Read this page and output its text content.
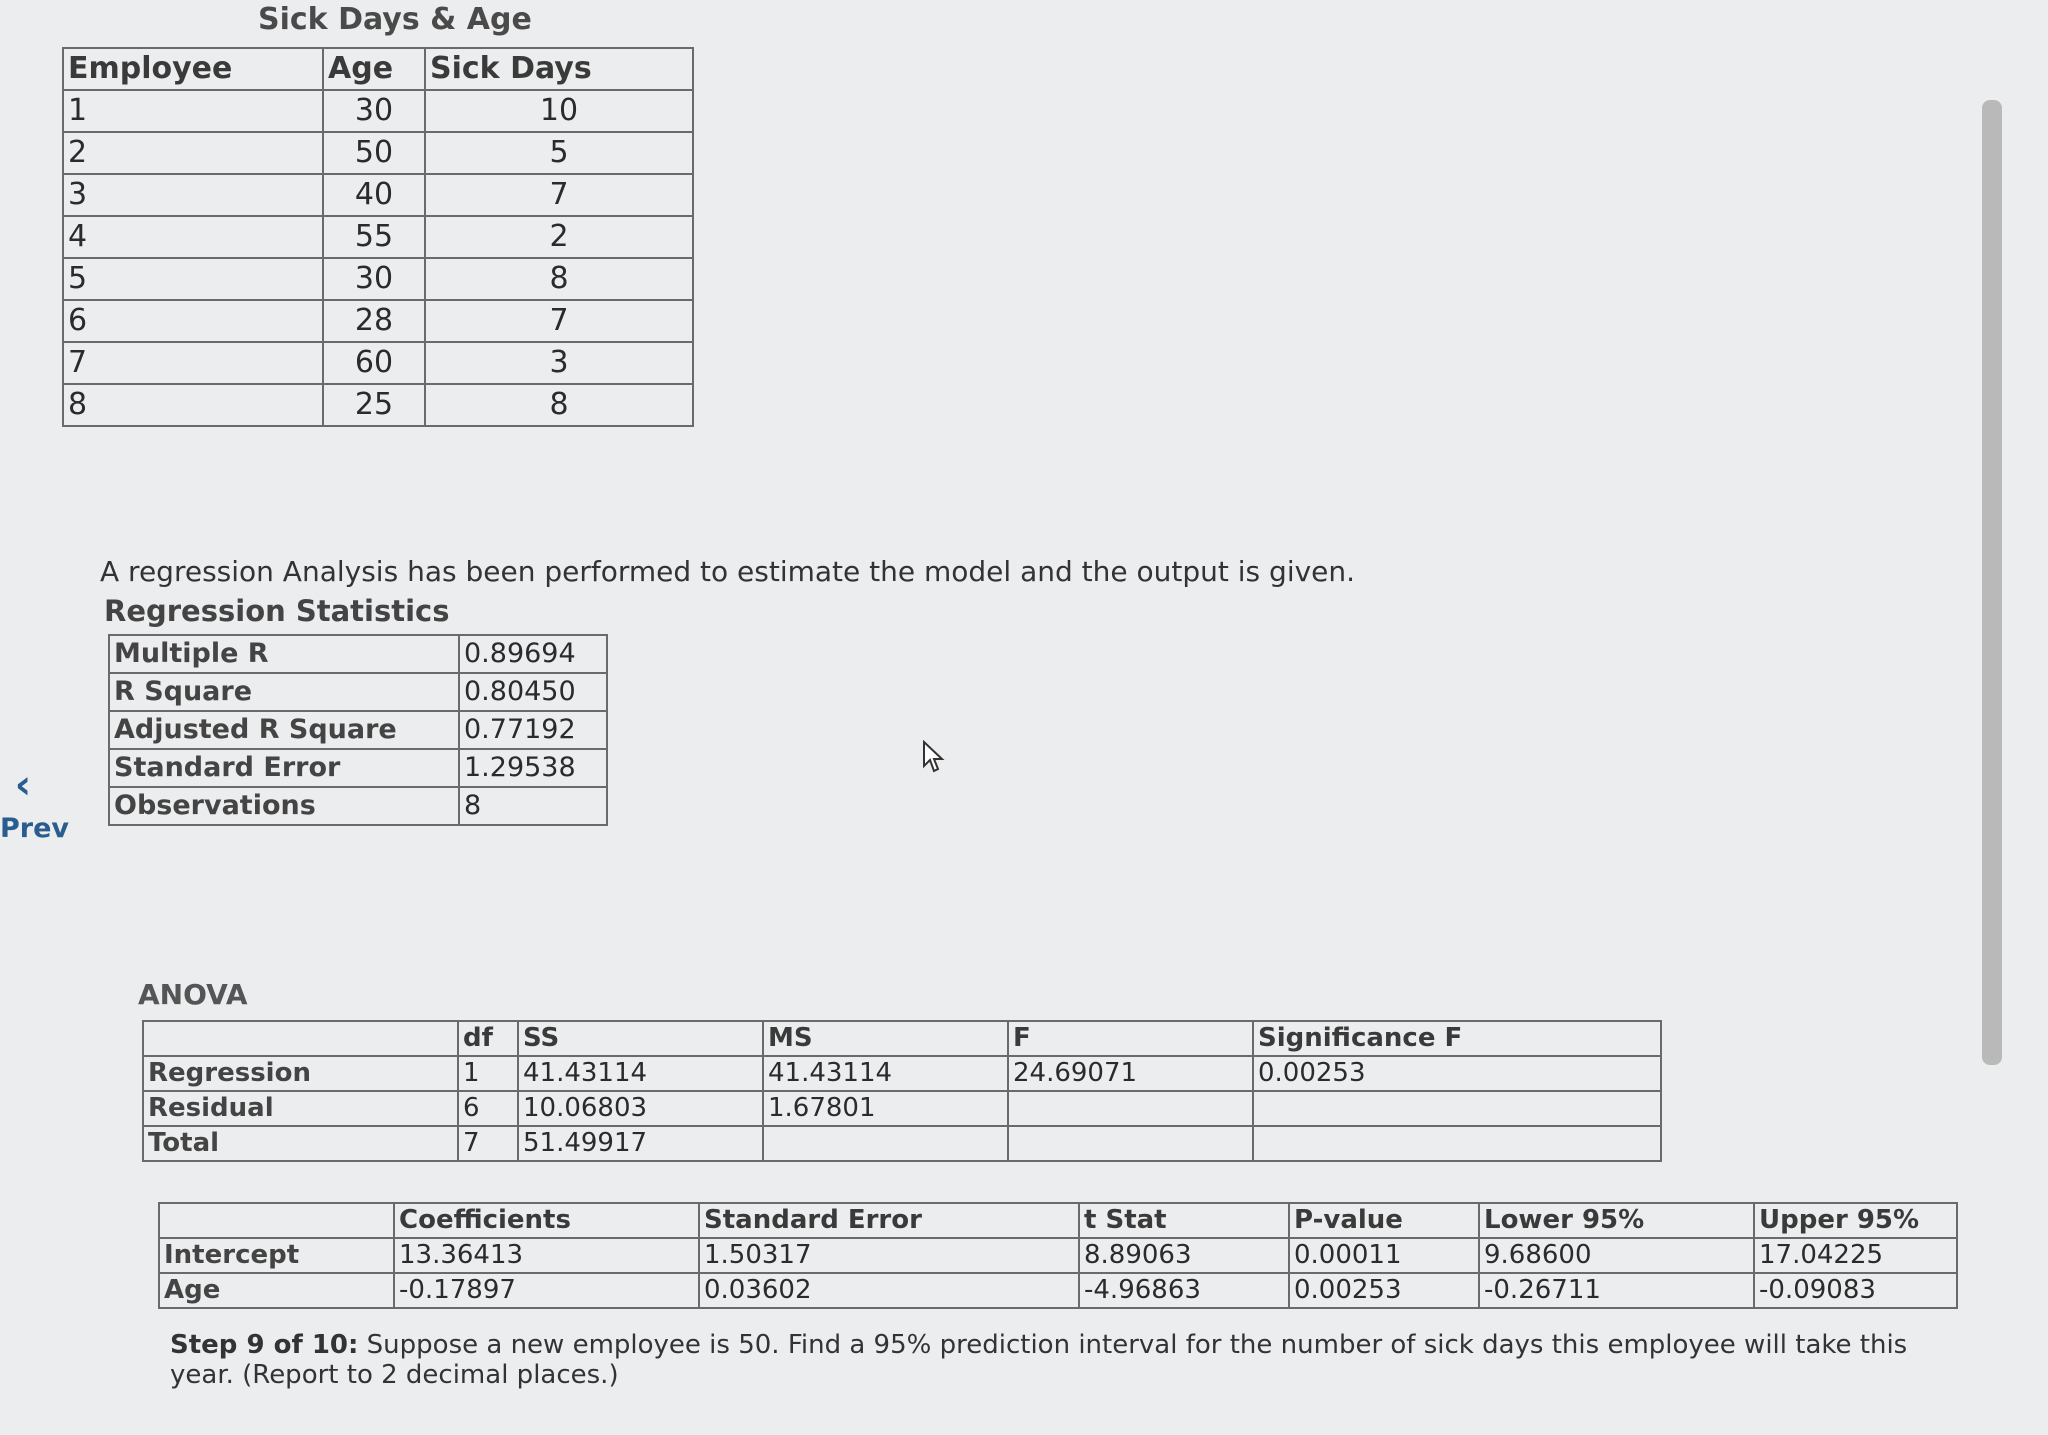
Sick Days & Age
Employee	Age	Sick Days
1	30	10
2	50	5
3	40	7
4	55	2
5	30	8
6	28	7
7	60	3
8	25	8
A regression Analysis has been performed to estimate the model and the output is given.
Regression Statistics
Multiple R	0.89694
R Square	0.80450
Adjusted R Square	0.77192
Standard Error	1.29538
Observations	8
‹
Prev
ANOVA
	df	SS	MS	F	Significance F
Regression	1	41.43114	41.43114	24.69071	0.00253
Residual	6	10.06803	1.67801		
Total	7	51.49917			
	Coefficients	Standard Error	t Stat	P-value	Lower 95%	Upper 95%
Intercept	13.36413	1.50317	8.89063	0.00011	9.68600	17.04225
Age	-0.17897	0.03602	-4.96863	0.00253	-0.26711	-0.09083
Step 9 of 10: Suppose a new employee is 50. Find a 95% prediction interval for the number of sick days this employee will take this year. (Report to 2 decimal places.)
